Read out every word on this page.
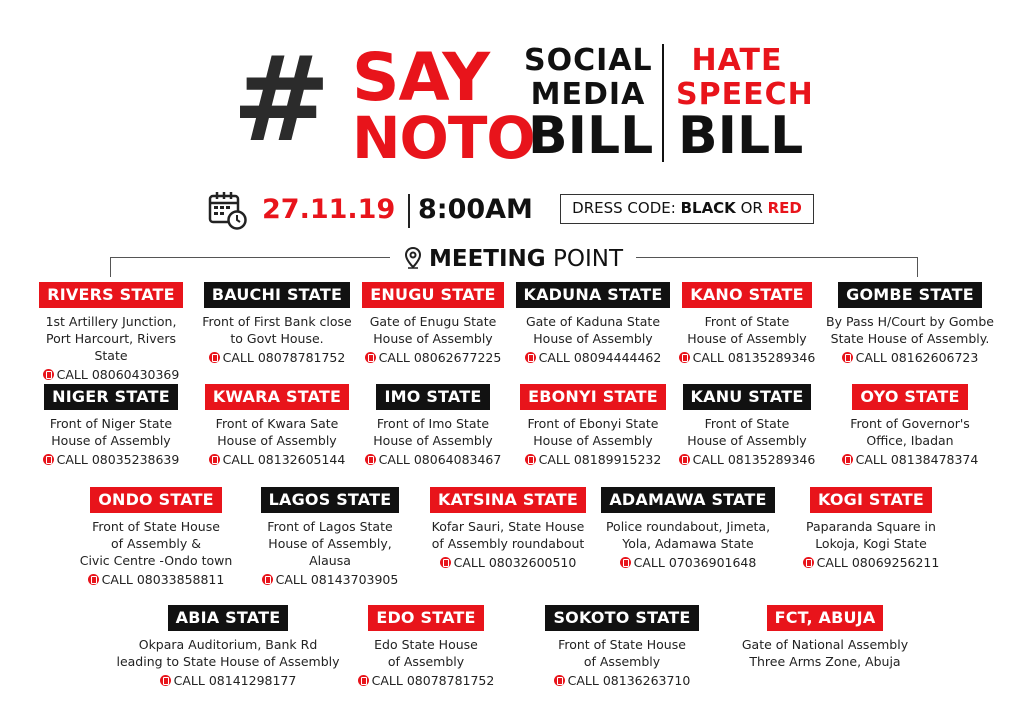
# SAY
NOTO
SOCIAL
MEDIA
BILL
HATE
SPEECH
BILL
27.11.19 8:00AM	DRESS CODE: BLACK OR RED
MEETING POINT
RIVERS STATE
1st Artillery Junction,
Port Harcourt, Rivers State
CALL 08060430369
BAUCHI STATE
Front of First Bank close
to Govt House.
CALL 08078781752
ENUGU STATE
Gate of Enugu State
House of Assembly
CALL 08062677225
KADUNA STATE
Gate of Kaduna State
House of Assembly
CALL 08094444462
KANO STATE
Front of State
House of Assembly
CALL 08135289346
GOMBE STATE
By Pass H/Court by Gombe
State House of Assembly.
CALL 08162606723
NIGER STATE
Front of Niger State
House of Assembly
CALL 08035238639
KWARA STATE
Front of Kwara Sate
House of Assembly
CALL 08132605144
IMO STATE
Front of Imo State
House of Assembly
CALL 08064083467
EBONYI STATE
Front of Ebonyi State
House of Assembly
CALL 08189915232
KANU STATE
Front of State
House of Assembly
CALL 08135289346
OYO STATE
Front of Governor's
Office, Ibadan
CALL 08138478374
ONDO STATE
Front of State House
of Assembly &
Civic Centre -Ondo town
CALL 08033858811
LAGOS STATE
Front of Lagos State
House of Assembly,
Alausa
CALL 08143703905
KATSINA STATE
Kofar Sauri, State House
of Assembly roundabout
CALL 08032600510
ADAMAWA STATE
Police roundabout, Jimeta,
Yola, Adamawa State
CALL 07036901648
KOGI STATE
Paparanda Square in
Lokoja, Kogi State
CALL 08069256211
ABIA STATE
Okpara Auditorium, Bank Rd
leading to State House of Assembly
CALL 08141298177
EDO STATE
Edo State House
of Assembly
CALL 08078781752
SOKOTO STATE
Front of State House
of Assembly
CALL 08136263710
FCT, ABUJA
Gate of National Assembly
Three Arms Zone, Abuja
